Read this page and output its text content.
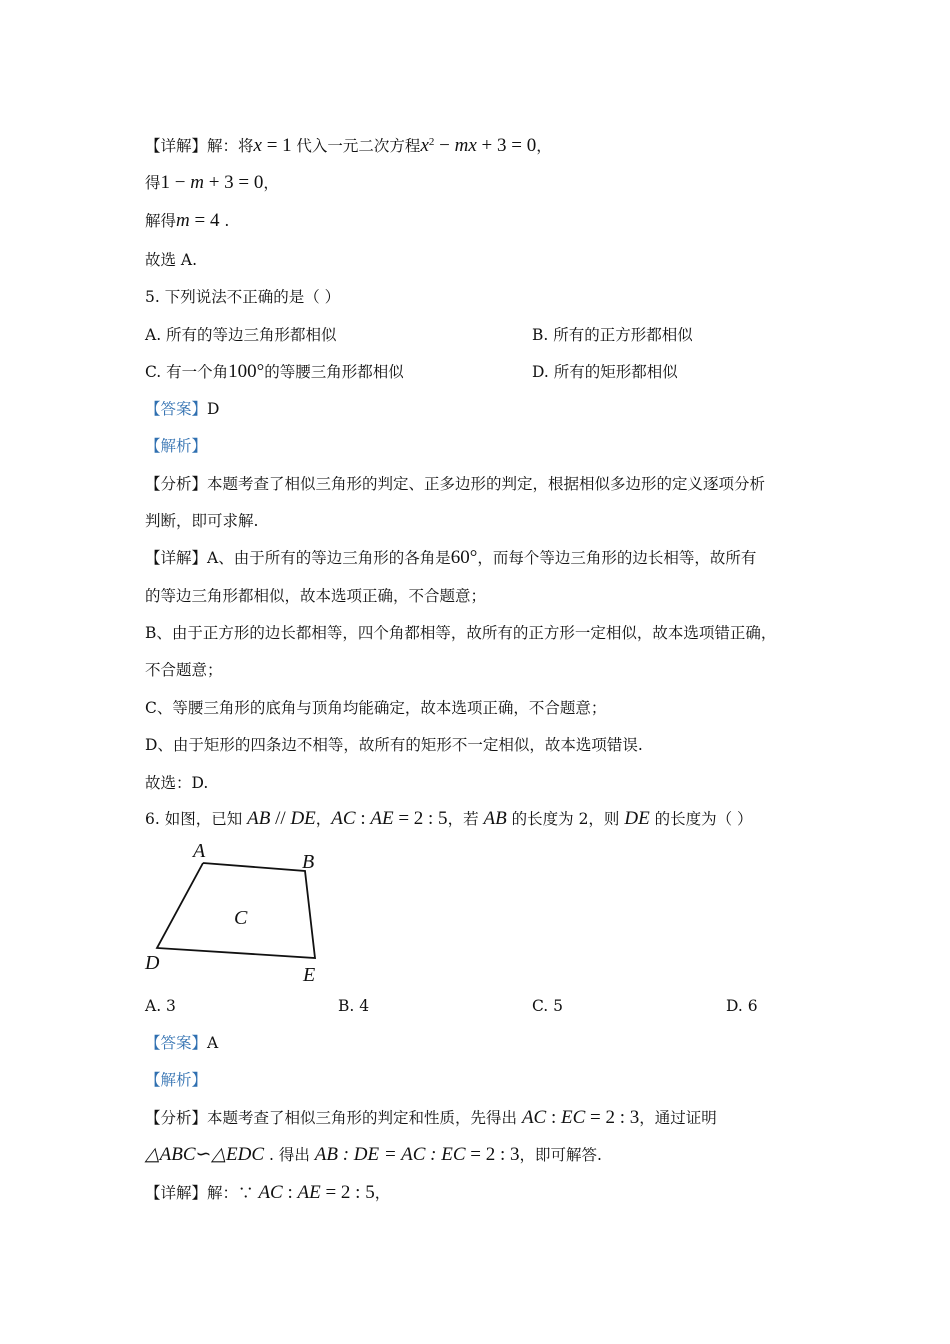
【详解】解：将x = 1 代入一元二次方程$x^2$ − mx + 3 = 0，
得1 − m + 3 = 0，
解得m = 4 .
故选 A.
5. 下列说法不正确的是（ ）
A. 所有的等边三角形都相似	B. 所有的正方形都相似
C. 有一个角100°的等腰三角形都相似	D. 所有的矩形都相似
【答案】D
【解析】
【分析】本题考查了相似三角形的判定、正多边形的判定，根据相似多边形的定义逐项分析
判断，即可求解.
【详解】A、由于所有的等边三角形的各角是60°，而每个等边三角形的边长相等，故所有
的等边三角形都相似，故本选项正确，不合题意；
B、由于正方形的边长都相等，四个角都相等，故所有的正方形一定相似，故本选项错正确，
不合题意；
C、等腰三角形的底角与顶角均能确定，故本选项正确，不合题意；
D、由于矩形的四条边不相等，故所有的矩形不一定相似，故本选项错误.
故选：D.
6. 如图，已知 AB // DE，AC : AE = 2 : 5，若 AB 的长度为 2，则 DE 的长度为（ ）
A	B
C
D
E
A. 3	B. 4	C. 5	D. 6
【答案】A
【解析】
【分析】本题考查了相似三角形的判定和性质，先得出 AC : EC = 2 : 3，通过证明
△ABC∽△EDC . 得出 AB : DE = AC : EC = 2 : 3，即可解答.
【详解】解：∵ AC : AE = 2 : 5，
